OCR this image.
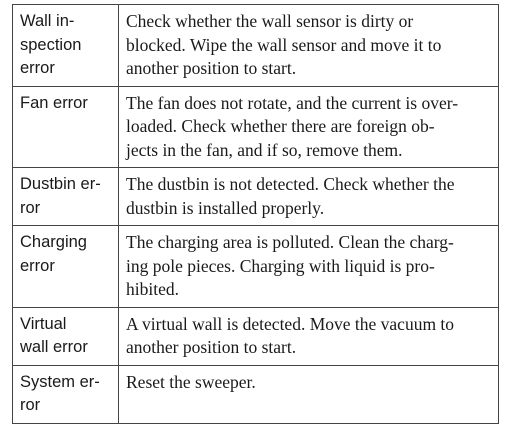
Wall in-
spection
error	Check whether the wall sensor is dirty or
blocked. Wipe the wall sensor and move it to
another position to start.

Fan error	The fan does not rotate, and the current is over-
loaded. Check whether there are foreign ob-
jects in the fan, and if so, remove them.

Dustbin er-
ror	The dustbin is not detected. Check whether the
dustbin is installed properly.

Charging
error	The charging area is polluted. Clean the charg-
ing pole pieces. Charging with liquid is pro-
hibited.

Virtual
wall error	A virtual wall is detected. Move the vacuum to
another position to start.

System er-
ror	Reset the sweeper.
